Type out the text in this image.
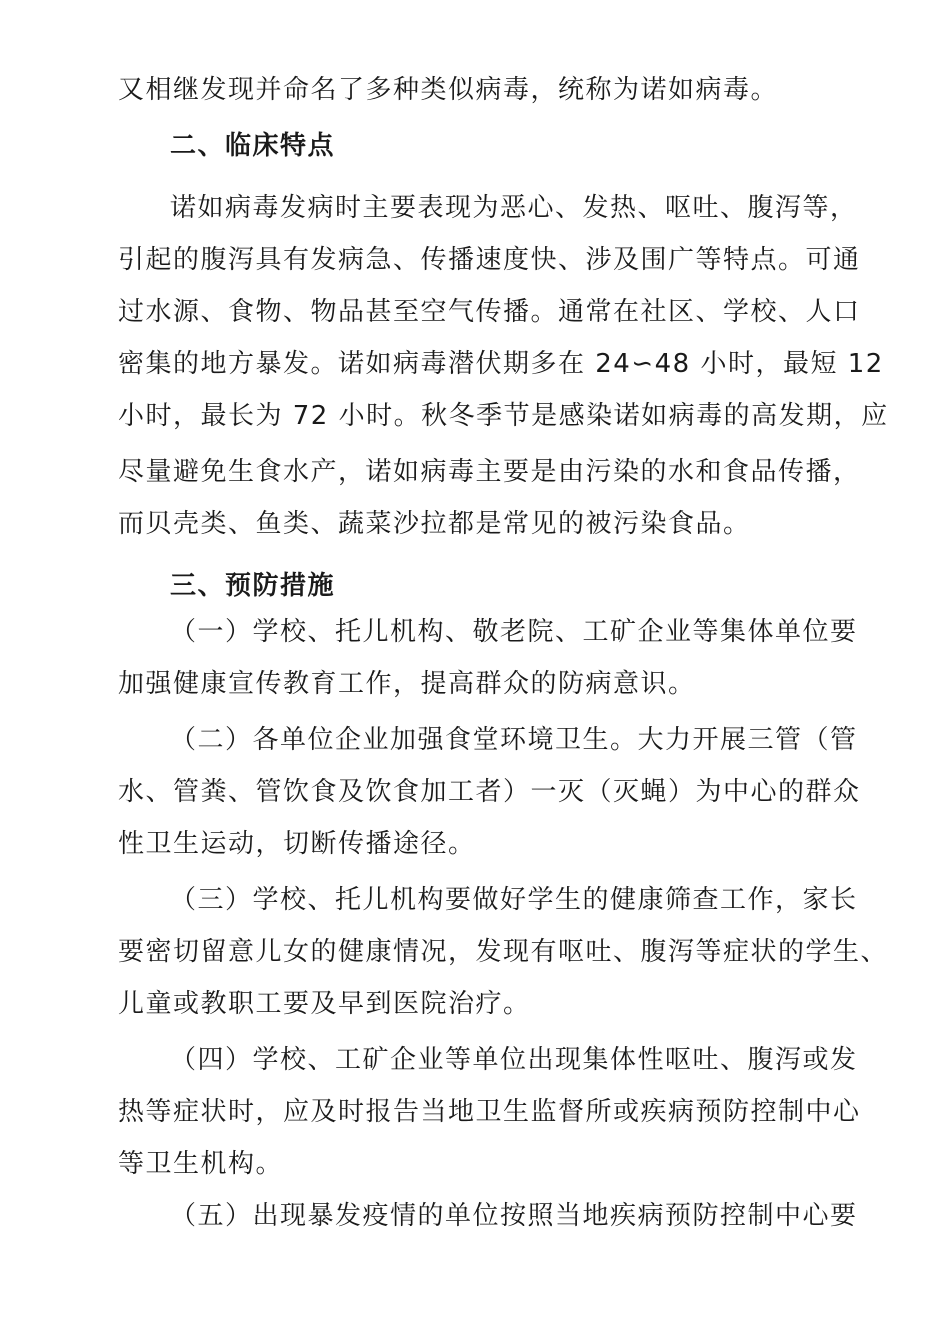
又相继发现并命名了多种类似病毒，统称为诺如病毒。
二、临床特点
诺如病毒发病时主要表现为恶心、发热、呕吐、腹泻等，
引起的腹泻具有发病急、传播速度快、涉及围广等特点。可通
过水源、食物、物品甚至空气传播。通常在社区、学校、人口
密集的地方暴发。诺如病毒潜伏期多在 24∽48 小时，最短 12
小时，最长为 72 小时。秋冬季节是感染诺如病毒的高发期，应
尽量避免生食水产，诺如病毒主要是由污染的水和食品传播，
而贝壳类、鱼类、蔬菜沙拉都是常见的被污染食品。
三、预防措施
（一）学校、托儿机构、敬老院、工矿企业等集体单位要
加强健康宣传教育工作，提高群众的防病意识。
（二）各单位企业加强食堂环境卫生。大力开展三管（管
水、管粪、管饮食及饮食加工者）一灭（灭蝇）为中心的群众
性卫生运动，切断传播途径。
（三）学校、托儿机构要做好学生的健康筛查工作，家长
要密切留意儿女的健康情况，发现有呕吐、腹泻等症状的学生、
儿童或教职工要及早到医院治疗。
（四）学校、工矿企业等单位出现集体性呕吐、腹泻或发
热等症状时，应及时报告当地卫生监督所或疾病预防控制中心
等卫生机构。
（五）出现暴发疫情的单位按照当地疾病预防控制中心要
